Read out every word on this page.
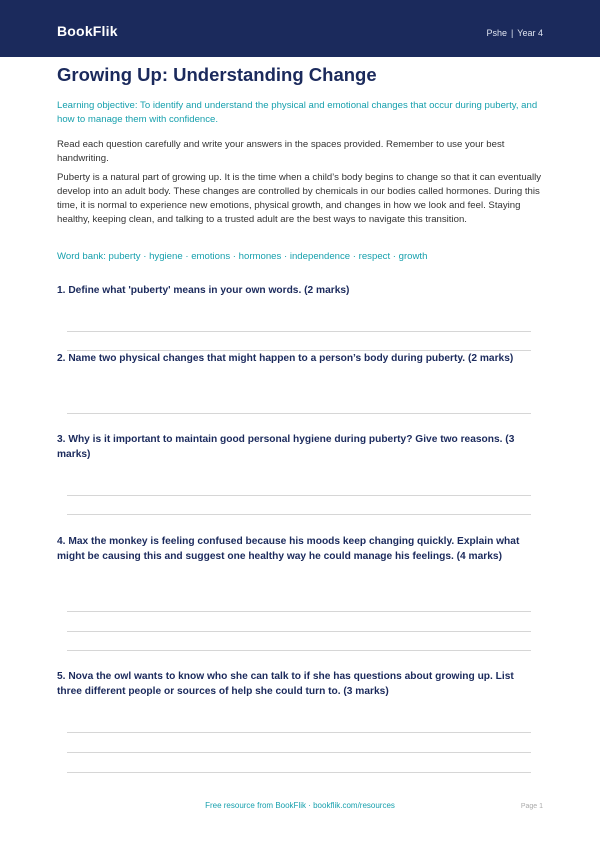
BookFlik	Pshe | Year 4
Growing Up: Understanding Change

Learning objective: To identify and understand the physical and emotional changes that occur during puberty, and how to manage them with confidence.

Read each question carefully and write your answers in the spaces provided. Remember to use your best handwriting.

Puberty is a natural part of growing up. It is the time when a child’s body begins to change so that it can eventually develop into an adult body. These changes are controlled by chemicals in our bodies called hormones. During this time, it is normal to experience new emotions, physical growth, and changes in how we look and feel. Staying healthy, keeping clean, and talking to a trusted adult are the best ways to navigate this transition.

Word bank: puberty · hygiene · emotions · hormones · independence · respect · growth

1. Define what 'puberty' means in your own words. (2 marks)

2. Name two physical changes that might happen to a person’s body during puberty. (2 marks)

3. Why is it important to maintain good personal hygiene during puberty? Give two reasons. (3 marks)

4. Max the monkey is feeling confused because his moods keep changing quickly. Explain what might be causing this and suggest one healthy way he could manage his feelings. (4 marks)

5. Nova the owl wants to know who she can talk to if she has questions about growing up. List three different people or sources of help she could turn to. (3 marks)

Free resource from BookFlik · bookflik.com/resources	Page 1
